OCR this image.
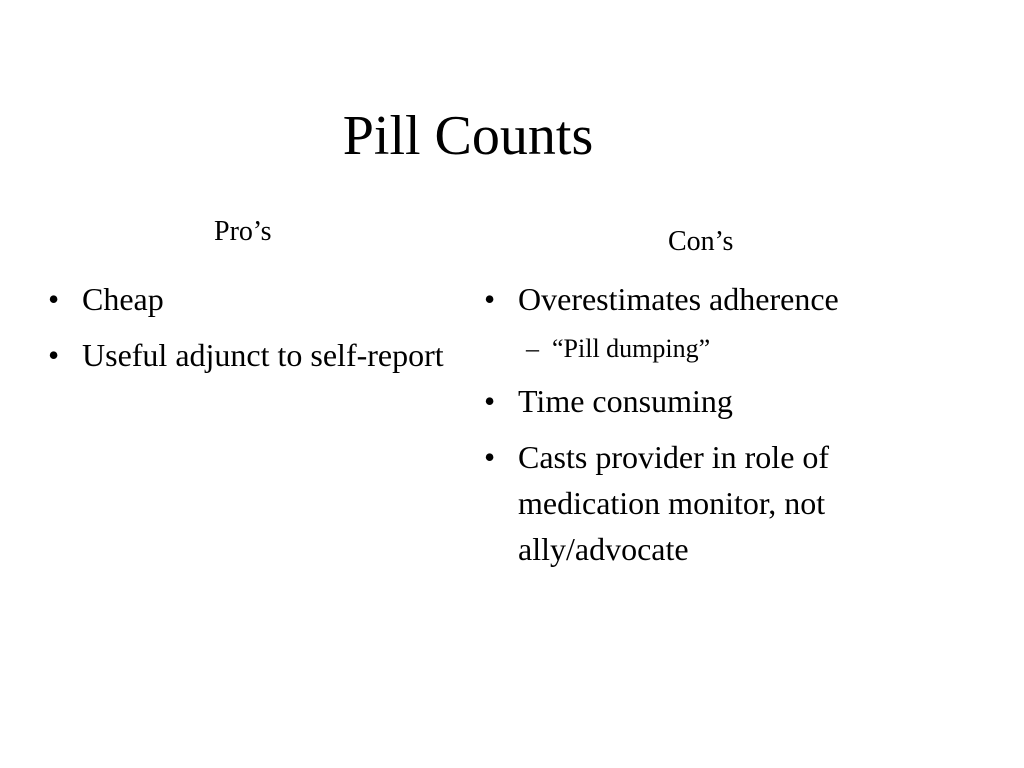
Pill Counts
Pro’s	Con’s
• Cheap
• Useful adjunct to self-report
• Overestimates adherence
– “Pill dumping”
• Time consuming
• Casts provider in role of medication monitor, not ally/advocate
